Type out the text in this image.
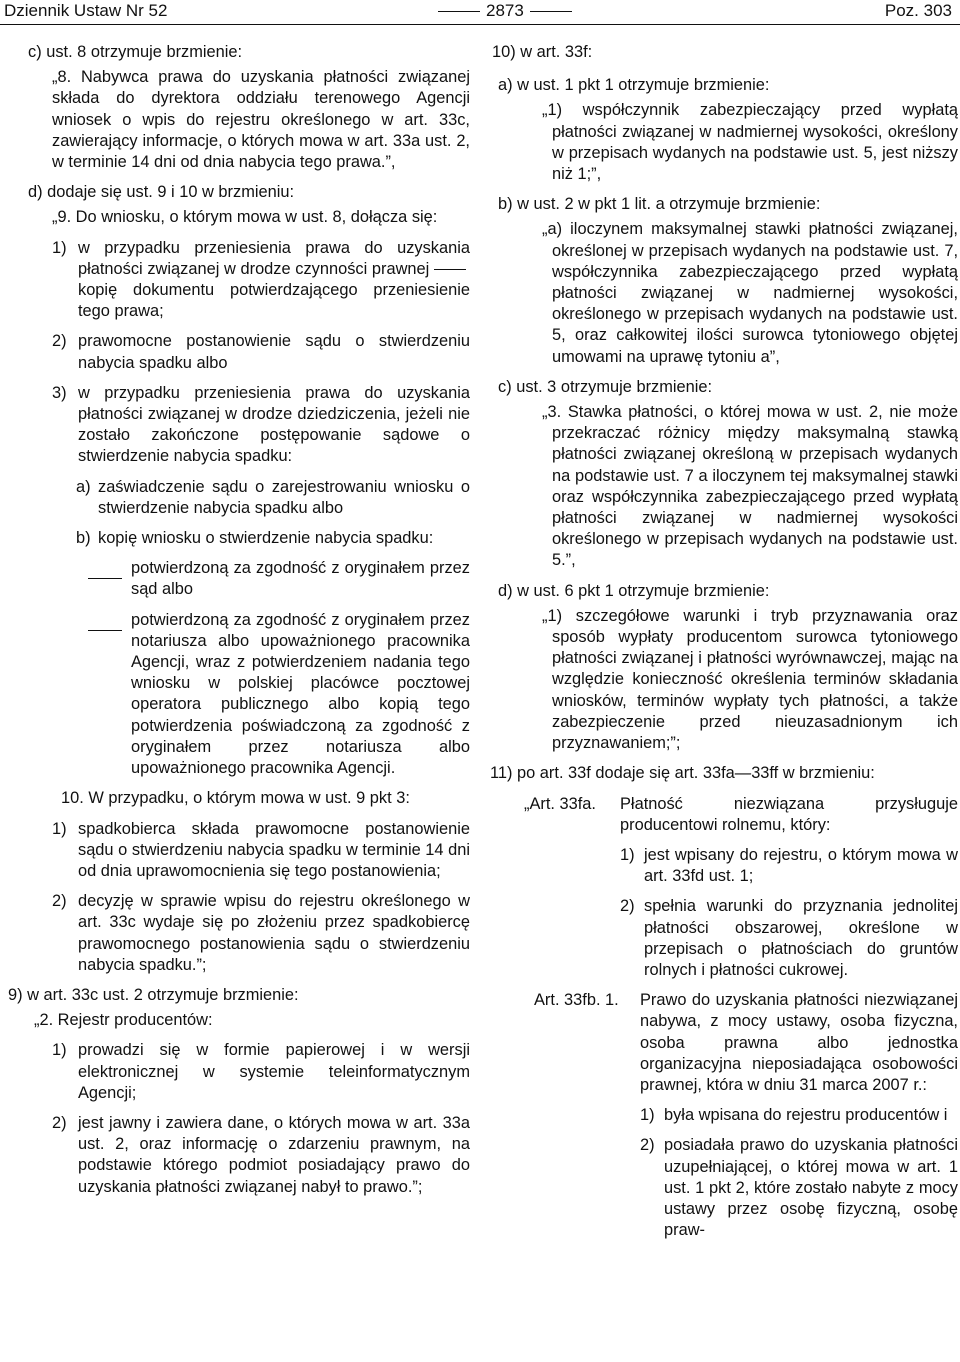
Dziennik Ustaw Nr 52	2873	Poz. 303

c) ust. 8 otrzymuje brzmienie:

„8. Nabywca prawa do uzyskania płatności związanej składa do dyrektora oddziału terenowego Agencji wniosek o wpis do rejestru określonego w art. 33c, zawierający informacje, o których mowa w art. 33a ust. 2, w terminie 14 dni od dnia nabycia tego prawa.”,

d) dodaje się ust. 9 i 10 w brzmieniu:

„9. Do wniosku, o którym mowa w ust. 8, dołącza się:

1) w przypadku przeniesienia prawa do uzyskania płatności związanej w drodze czynności prawnej kopię dokumentu potwierdzającego przeniesienie tego prawa;
2) prawomocne postanowienie sądu o stwierdzeniu nabycia spadku albo
3) w przypadku przeniesienia prawa do uzyskania płatności związanej w drodze dziedziczenia, jeżeli nie zostało zakończone postępowanie sądowe o stwierdzenie nabycia spadku:
a) zaświadczenie sądu o zarejestrowaniu wniosku o stwierdzenie nabycia spadku albo
b) kopię wniosku o stwierdzenie nabycia spadku:
potwierdzoną za zgodność z oryginałem przez sąd albo
potwierdzoną za zgodność z oryginałem przez notariusza albo upoważnionego pracownika Agencji, wraz z potwierdzeniem nadania tego wniosku w polskiej placówce pocztowej operatora publicznego albo kopią tego potwierdzenia poświadczoną za zgodność z oryginałem przez notariusza albo upoważnionego pracownika Agencji.

10. W przypadku, o którym mowa w ust. 9 pkt 3:

1) spadkobierca składa prawomocne postanowienie sądu o stwierdzeniu nabycia spadku w terminie 14 dni od dnia uprawomocnienia się tego postanowienia;
2) decyzję w sprawie wpisu do rejestru określonego w art. 33c wydaje się po złożeniu przez spadkobiercę prawomocnego postanowienia sądu o stwierdzeniu nabycia spadku.”;

9) w art. 33c ust. 2 otrzymuje brzmienie:

„2. Rejestr producentów:

1) prowadzi się w formie papierowej i w wersji elektronicznej w systemie teleinformatycznym Agencji;
2) jest jawny i zawiera dane, o których mowa w art. 33a ust. 2, oraz informację o zdarzeniu prawnym, na podstawie którego podmiot posiadający prawo do uzyskania płatności związanej nabył to prawo.”;

10) w art. 33f:

a) w ust. 1 pkt 1 otrzymuje brzmienie:

„1) współczynnik zabezpieczający przed wypłatą płatności związanej w nadmiernej wysokości, określony w przepisach wydanych na podstawie ust. 5, jest niższy niż 1;”,

b) w ust. 2 w pkt 1 lit. a otrzymuje brzmienie:

„a) iloczynem maksymalnej stawki płatności związanej, określonej w przepisach wydanych na podstawie ust. 7, współczynnika zabezpieczającego przed wypłatą płatności związanej w nadmiernej wysokości, określonego w przepisach wydanych na podstawie ust. 5, oraz całkowitej ilości surowca tytoniowego objętej umowami na uprawę tytoniu a”,

c) ust. 3 otrzymuje brzmienie:

„3. Stawka płatności, o której mowa w ust. 2, nie może przekraczać różnicy między maksymalną stawką płatności związanej określoną w przepisach wydanych na podstawie ust. 7 a iloczynem tej maksymalnej stawki oraz współczynnika zabezpieczającego przed wypłatą płatności związanej w nadmiernej wysokości określonego w przepisach wydanych na podstawie ust. 5.”,

d) w ust. 6 pkt 1 otrzymuje brzmienie:

„1) szczegółowe warunki i tryb przyznawania oraz sposób wypłaty producentom surowca tytoniowego płatności związanej i płatności wyrównawczej, mając na względzie konieczność określenia terminów składania wniosków, terminów wypłaty tych płatności, a także zabezpieczenie przed nieuzasadnionym ich przyznawaniem;”;

11) po art. 33f dodaje się art. 33fa—33ff w brzmieniu:

„Art. 33fa. Płatność niezwiązana przysługuje producentowi rolnemu, który:
1) jest wpisany do rejestru, o którym mowa w art. 33fd ust. 1;
2) spełnia warunki do przyznania jednolitej płatności obszarowej, określone w przepisach o płatnościach do gruntów rolnych i płatności cukrowej.
Art. 33fb. 1. Prawo do uzyskania płatności niezwiązanej nabywa, z mocy ustawy, osoba fizyczna, osoba prawna albo jednostka organizacyjna nieposiadająca osobowości prawnej, która w dniu 31 marca 2007 r.:
1) była wpisana do rejestru producentów i
2) posiadała prawo do uzyskania płatności uzupełniającej, o której mowa w art. 1 ust. 1 pkt 2, które zostało nabyte z mocy ustawy przez osobę fizyczną, osobę praw-
